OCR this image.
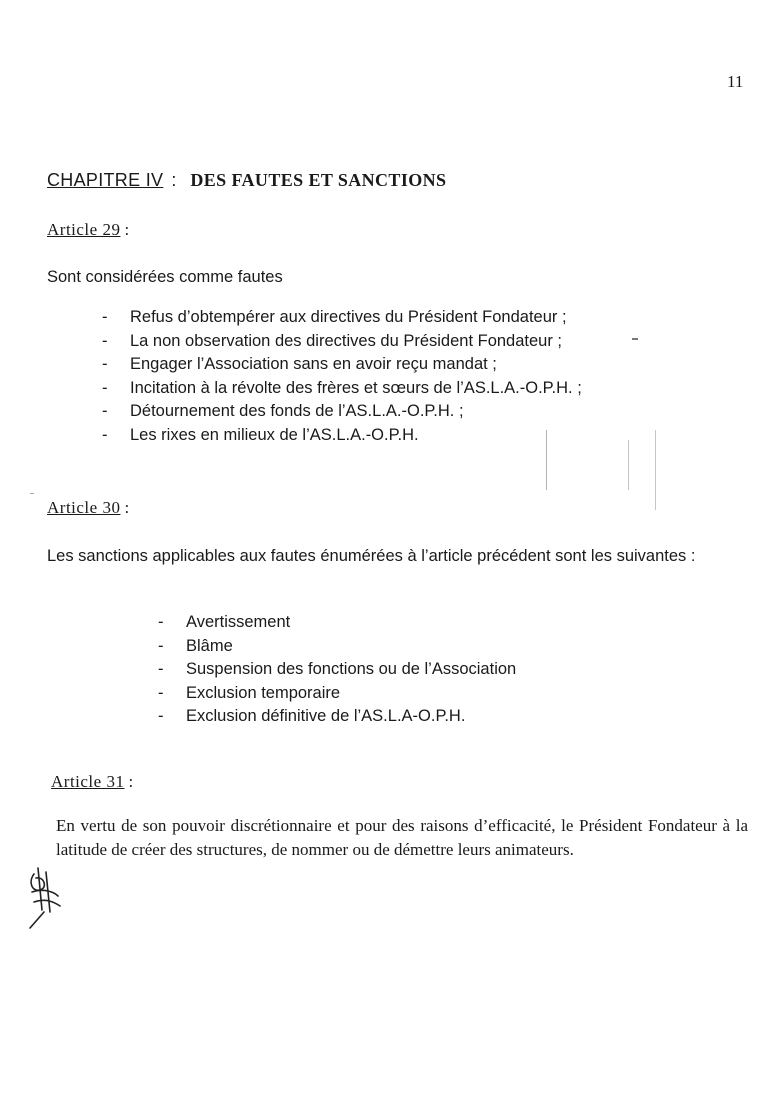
11
CHAPITRE IV : DES FAUTES ET SANCTIONS
Article 29 :
Sont considérées comme fautes
- Refus d’obtempérer aux directives du Président Fondateur ;
- La non observation des directives du Président Fondateur ;
- Engager l’Association sans en avoir reçu mandat ;
- Incitation à la révolte des frères et sœurs de l’AS.L.A.-O.P.H. ;
- Détournement des fonds de l’AS.L.A.-O.P.H. ;
- Les rixes en milieux de l’AS.L.A.-O.P.H.
Article 30 :
Les sanctions applicables aux fautes énumérées à l’article précédent sont les suivantes :
- Avertissement
- Blâme
- Suspension des fonctions ou de l’Association
- Exclusion temporaire
- Exclusion définitive de l’AS.L.A-O.P.H.
Article 31 :
En vertu de son pouvoir discrétionnaire et pour des raisons d’efficacité, le Président Fondateur à la latitude de créer des structures, de nommer ou de démettre leurs animateurs.
